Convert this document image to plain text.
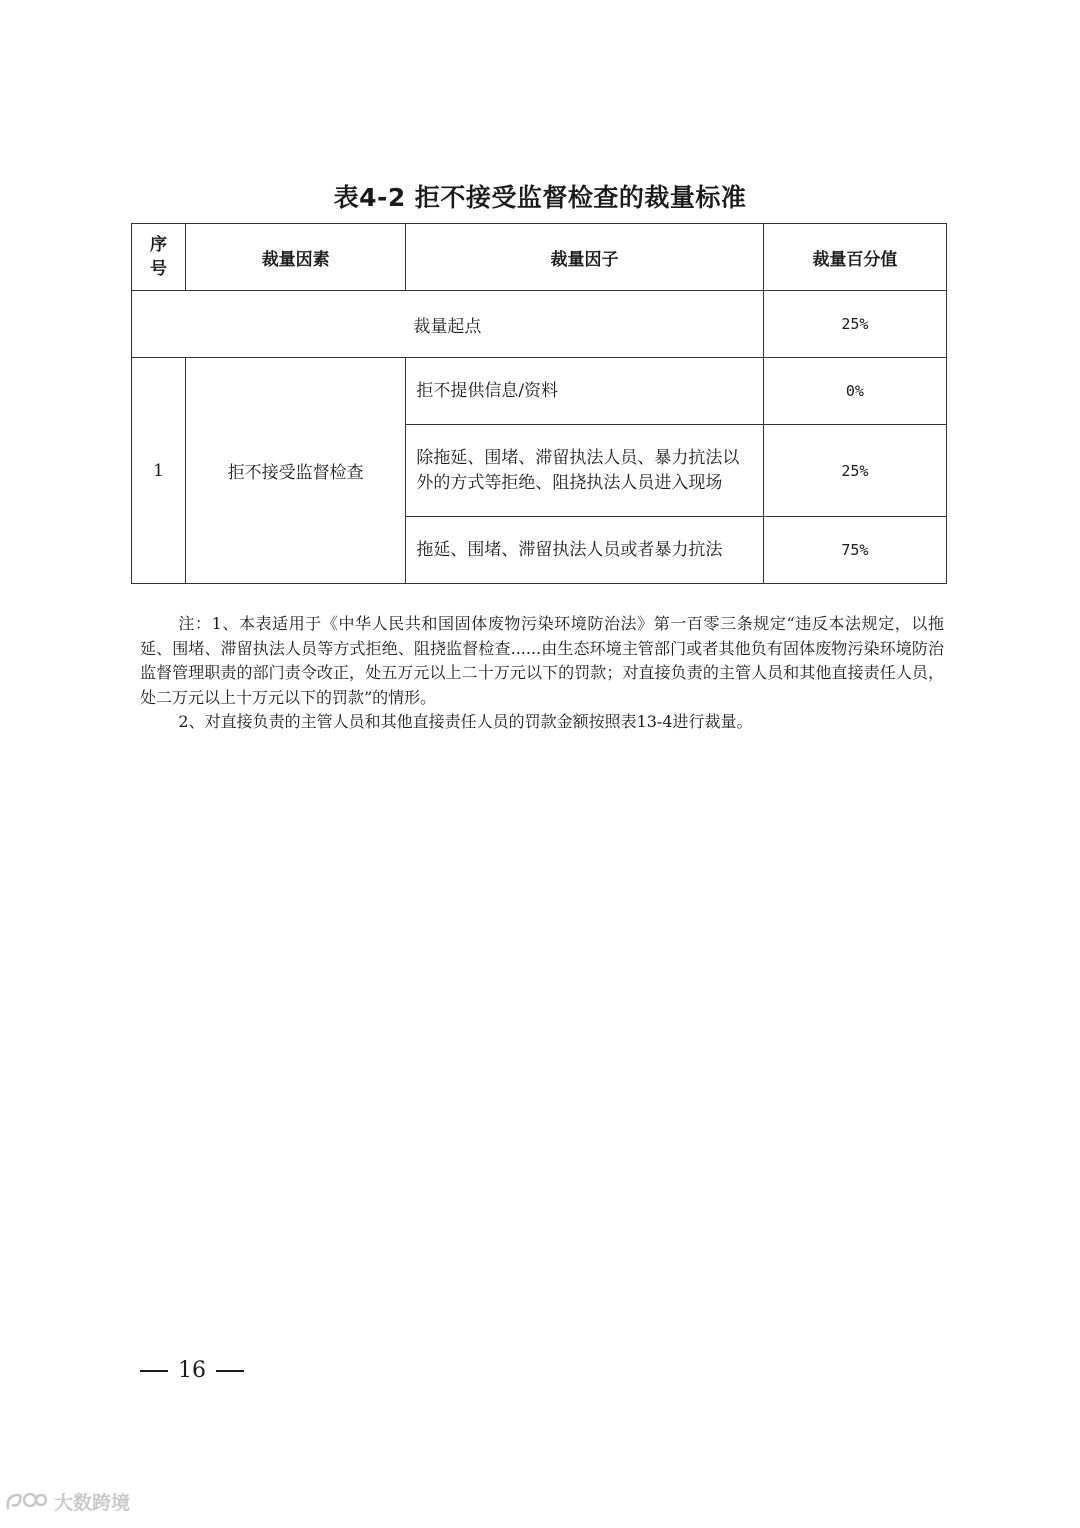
表4-2 拒不接受监督检查的裁量标准
序
号	裁量因素	裁量因子	裁量百分值
裁量起点			25%
1	拒不接受监督检查	拒不提供信息/资料	0%
		除拖延、围堵、滞留执法人员、暴力抗法以外的方式等拒绝、阻挠执法人员进入现场	25%
		拖延、围堵、滞留执法人员或者暴力抗法	75%

注：1、本表适用于《中华人民共和国固体废物污染环境防治法》第一百零三条规定“违反本法规定，以拖延、围堵、滞留执法人员等方式拒绝、阻挠监督检查......由生态环境主管部门或者其他负有固体废物污染环境防治监督管理职责的部门责令改正，处五万元以上二十万元以下的罚款；对直接负责的主管人员和其他直接责任人员，处二万元以上十万元以下的罚款”的情形。

2、对直接负责的主管人员和其他直接责任人员的罚款金额按照表13-4进行裁量。

16
大数跨境
